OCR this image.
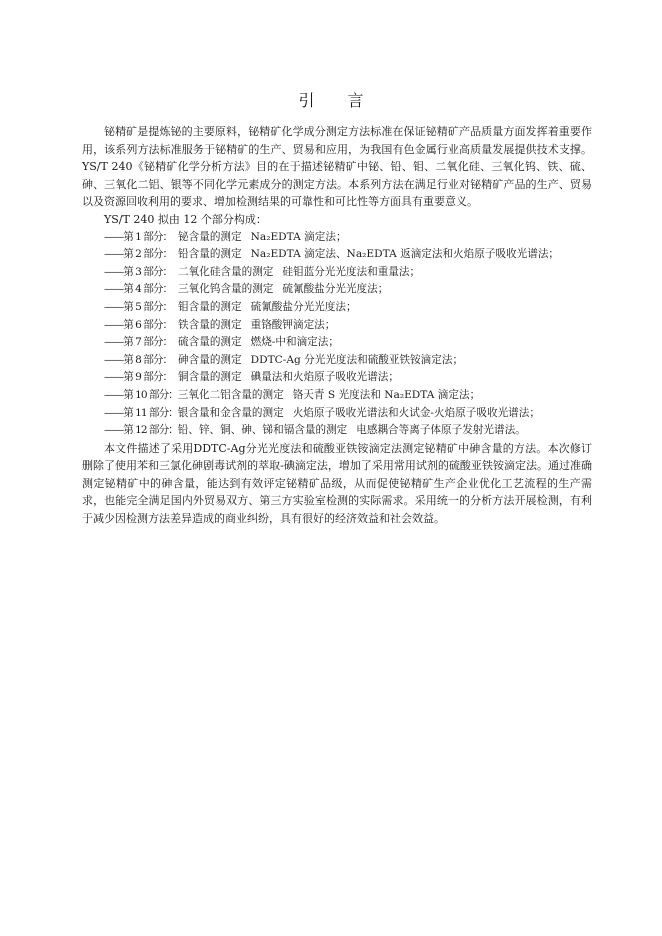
引 言

铋精矿是提炼铋的主要原料，铋精矿化学成分测定方法标准在保证铋精矿产品质量方面发挥着重要作用，该系列方法标准服务于铋精矿的生产、贸易和应用，为我国有色金属行业高质量发展提供技术支撑。YS/T 240《铋精矿化学分析方法》目的在于描述铋精矿中铋、铅、钼、二氧化硅、三氧化钨、铁、硫、砷、三氧化二铝、银等不同化学元素成分的测定方法。本系列方法在满足行业对铋精矿产品的生产、贸易以及资源回收利用的要求、增加检测结果的可靠性和可比性等方面具有重要意义。

YS/T 240 拟由 12 个部分构成：

——第 1 部分： 铋含量的测定 Na₂EDTA 滴定法；
——第 2 部分： 铅含量的测定 Na₂EDTA 滴定法、Na₂EDTA 返滴定法和火焰原子吸收光谱法；
——第 3 部分： 二氧化硅含量的测定 硅钼蓝分光光度法和重量法；
——第 4 部分： 三氧化钨含量的测定 硫氰酸盐分光光度法；
——第 5 部分： 钼含量的测定 硫氰酸盐分光光度法；
——第 6 部分： 铁含量的测定 重铬酸钾滴定法；
——第 7 部分： 硫含量的测定 燃烧-中和滴定法；
——第 8 部分： 砷含量的测定 DDTC-Ag 分光光度法和硫酸亚铁铵滴定法；
——第 9 部分： 铜含量的测定 碘量法和火焰原子吸收光谱法；
——第 10 部分：三氧化二铝含量的测定 铬天青 S 光度法和 Na₂EDTA 滴定法；
——第 11 部分：银含量和金含量的测定 火焰原子吸收光谱法和火试金-火焰原子吸收光谱法；
——第 12 部分：铅、锌、铜、砷、锑和镉含量的测定 电感耦合等离子体原子发射光谱法。

本文件描述了采用DDTC-Ag分光光度法和硫酸亚铁铵滴定法测定铋精矿中砷含量的方法。本次修订删除了使用苯和三氯化砷剧毒试剂的萃取-碘滴定法，增加了采用常用试剂的硫酸亚铁铵滴定法。通过准确测定铋精矿中的砷含量，能达到有效评定铋精矿品级，从而促使铋精矿生产企业优化工艺流程的生产需求，也能完全满足国内外贸易双方、第三方实验室检测的实际需求。采用统一的分析方法开展检测，有利于减少因检测方法差异造成的商业纠纷，具有很好的经济效益和社会效益。
